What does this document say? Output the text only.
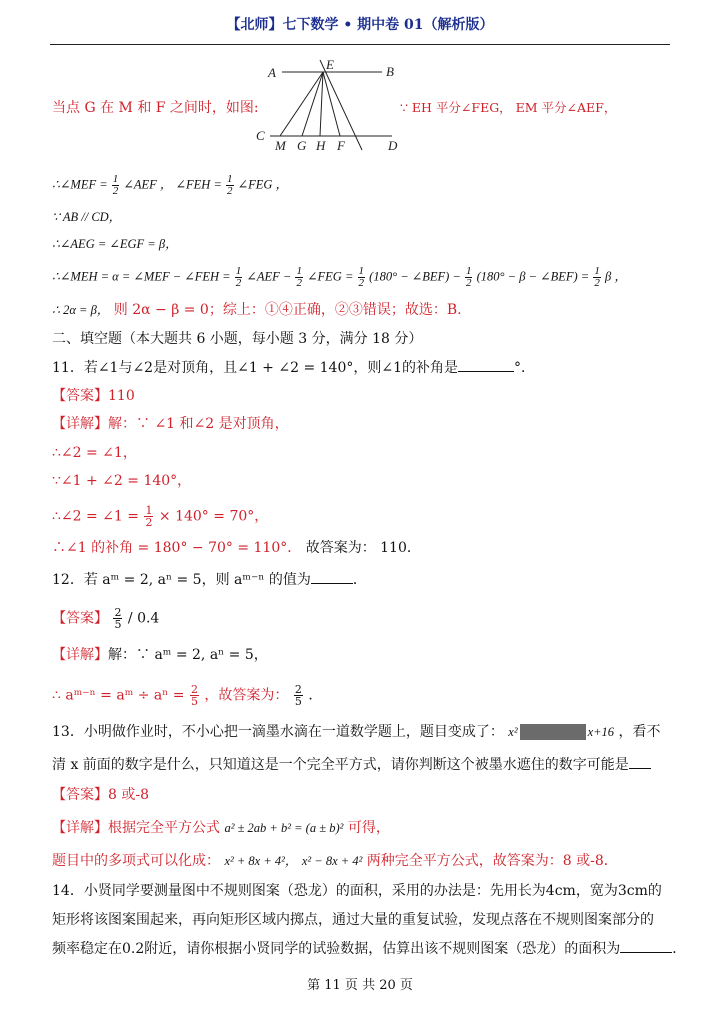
【北师】七下数学 • 期中卷 01（解析版）
A
E	B
C
M G H F	D
当点 G 在 M 和 F 之间时，如图:	∵ EH 平分∠FEG， EM 平分∠AEF，
∴∠MEF = $\frac{1}{2}$ ∠AEF ， ∠FEH = $\frac{1}{2}$ ∠FEG ，
∵ AB // CD，
∴∠AEG = ∠EGF = β，
∴∠MEH = α = ∠MEF − ∠FEH = $\frac{1}{2}$ ∠AEF − $\frac{1}{2}$ ∠FEG = $\frac{1}{2} (180^\circ$ − ∠BEF) − $\frac{1}{2} (180^\circ - \beta$ − ∠BEF) = $\frac{1}{2}$ β ，
∴ 2α = β， 则 2α − β = 0；综上：①④正确，②③错误；故选：B.
二、填空题（本大题共 6 小题，每小题 3 分，满分 18 分）
11．若∠1与∠2是对顶角，且∠1 + ∠2 = 140°，则∠1的补角是	°．
【答案】110
【详解】解：∵ ∠1 和∠2 是对顶角，
∴∠2 = ∠1，
∵∠1 + ∠2 = 140°，
∴∠2 = ∠1 = $\frac{1}{2} \times 140^\circ = 70^\circ$，
∴∠1 的补角 = 180° − 70° = 110°． 故答案为： 110．
12．若 aᵐ = 2, aⁿ = 5，则 aᵐ⁻ⁿ 的值为	．
【答案】 $\frac{2}{5} / 0.4$
【详解】解：∵ aᵐ = 2, aⁿ = 5，
∴ aᵐ⁻ⁿ = aᵐ ÷ $a^n = \frac{2}{5}$ ，故答案为： $\frac{2}{5}$ ．
13．小明做作业时，不小心把一滴墨水滴在一道数学题上，题目变成了： x²	x+16 ，看不
清 x 前面的数字是什么，只知道这是一个完全平方式，请你判断这个被墨水遮住的数字可能是
【答案】8 或-8
【详解】根据完全平方公式 a² ± 2ab + b² = (a ± b)² 可得，
题目中的多项式可以化成： x² + 8x + 4²， x² − 8x + 4² 两种完全平方公式，故答案为：8 或-8．
14．小贤同学要测量图中不规则图案（恐龙）的面积，采用的办法是：先用长为4cm，宽为3cm的
矩形将该图案围起来，再向矩形区域内掷点，通过大量的重复试验，发现点落在不规则图案部分的
频率稳定在0.2附近，请你根据小贤同学的试验数据，估算出该不规则图案（恐龙）的面积为	．
第 11 页 共 20 页
